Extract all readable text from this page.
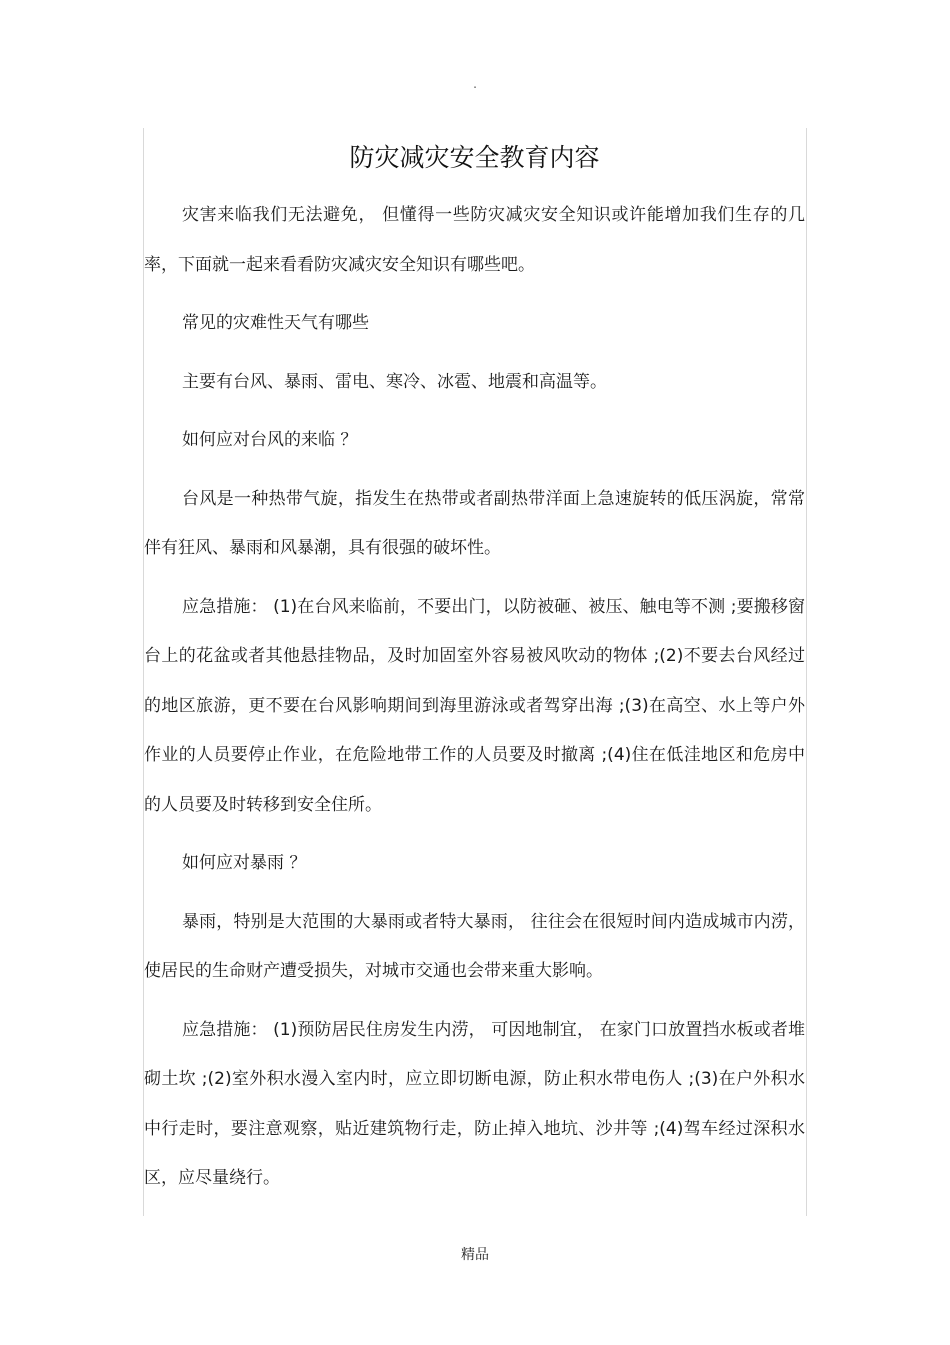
.
防灾减灾安全教育内容

灾害来临我们无法避免， 但懂得一些防灾减灾安全知识或许能增加我们生存的几率，下面就一起来看看防灾减灾安全知识有哪些吧。

常见的灾难性天气有哪些

主要有台风、暴雨、雷电、寒冷、冰雹、地震和高温等。

如何应对台风的来临 ？

台风是一种热带气旋，指发生在热带或者副热带洋面上急速旋转的低压涡旋，常常伴有狂风、暴雨和风暴潮，具有很强的破坏性。

应急措施： (1)在台风来临前，不要出门，以防被砸、被压、触电等不测 ;要搬移窗台上的花盆或者其他悬挂物品，及时加固室外容易被风吹动的物体 ;(2)不要去台风经过的地区旅游，更不要在台风影响期间到海里游泳或者驾穿出海 ;(3)在高空、水上等户外作业的人员要停止作业，在危险地带工作的人员要及时撤离 ;(4)住在低洼地区和危房中的人员要及时转移到安全住所。

如何应对暴雨 ？

暴雨，特别是大范围的大暴雨或者特大暴雨， 往往会在很短时间内造成城市内涝，使居民的生命财产遭受损失，对城市交通也会带来重大影响。

应急措施： (1)预防居民住房发生内涝， 可因地制宜， 在家门口放置挡水板或者堆砌土坎 ;(2)室外积水漫入室内时，应立即切断电源，防止积水带电伤人 ;(3)在户外积水中行走时，要注意观察，贴近建筑物行走，防止掉入地坑、沙井等 ;(4)驾车经过深积水区，应尽量绕行。

精品
